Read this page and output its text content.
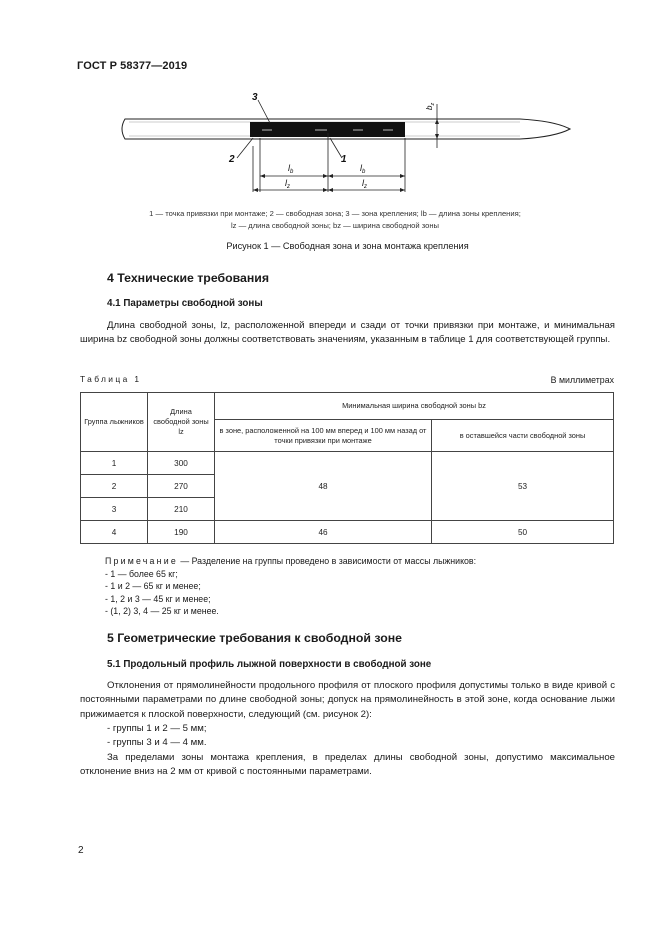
ГОСТ Р 58377—2019
3
2	1
$l_b$	$l_b$
$l_z$	$l_z$
$b_z$
1 — точка привязки при монтаже; 2 — свободная зона; 3 — зона крепления; lb — длина зоны крепления;
lz — длина свободной зоны; bz — ширина свободной зоны
Рисунок 1 — Свободная зона и зона монтажа крепления
4 Технические требования
4.1 Параметры свободной зоны
Длина свободной зоны, lz, расположенной впереди и сзади от точки привязки при монтаже, и минимальная ширина bz свободной зоны должны соответствовать значениям, указанным в таблице 1 для соответствующей группы.
Таблица 1	В миллиметрах
Группа лыжников	Длина свободной зоны lz	Минимальная ширина свободной зоны bz	
		в зоне, расположенной на 100 мм вперед и 100 мм назад от точки привязки при монтаже	в оставшейся части свободной зоны
1	300	48	53
2	270		
3	210		
4	190	46	50
Примечание — Разделение на группы проведено в зависимости от массы лыжников:
- 1 — более 65 кг;
- 1 и 2 — 65 кг и менее;
- 1, 2 и 3 — 45 кг и менее;
- (1, 2) 3, 4 — 25 кг и менее.
5 Геометрические требования к свободной зоне
5.1 Продольный профиль лыжной поверхности в свободной зоне
Отклонения от прямолинейности продольного профиля от плоского профиля допустимы только в виде кривой с постоянными параметрами по длине свободной зоны; допуск на прямолинейность в этой зоне, когда основание лыжи прижимается к плоской поверхности, следующий (см. рисунок 2):
- группы 1 и 2 — 5 мм;
- группы 3 и 4 — 4 мм.
За пределами зоны монтажа крепления, в пределах длины свободной зоны, допустимо максимальное отклонение вниз на 2 мм от кривой с постоянными параметрами.
2
